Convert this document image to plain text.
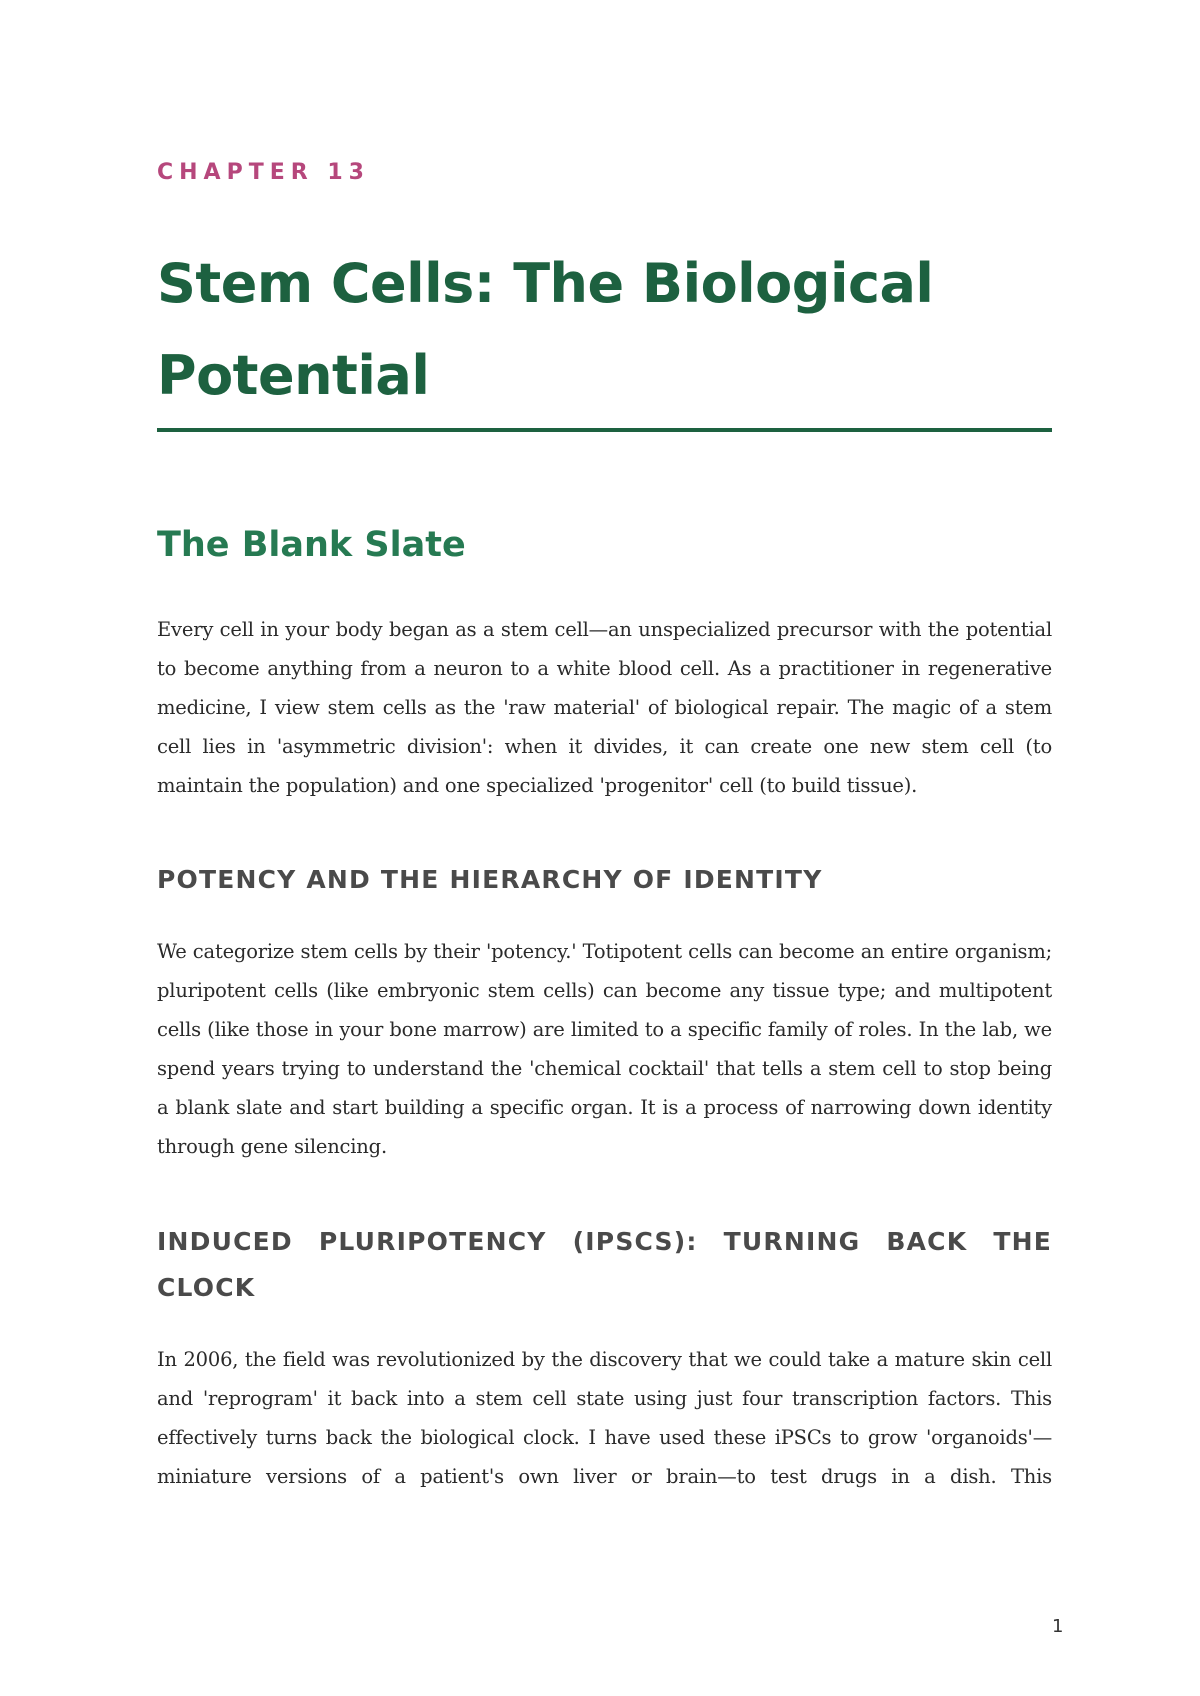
CHAPTER 13
Stem Cells: The Biological Potential
The Blank Slate

Every cell in your body began as a stem cell—an unspecialized precursor with the potential to become anything from a neuron to a white blood cell. As a practitioner in regenerative medicine, I view stem cells as the 'raw material' of biological repair. The magic of a stem cell lies in 'asymmetric division': when it divides, it can create one new stem cell (to maintain the population) and one specialized 'progenitor' cell (to build tissue).

POTENCY AND THE HIERARCHY OF IDENTITY

We categorize stem cells by their 'potency.' Totipotent cells can become an entire organism; pluripotent cells (like embryonic stem cells) can become any tissue type; and multipotent cells (like those in your bone marrow) are limited to a specific family of roles. In the lab, we spend years trying to understand the 'chemical cocktail' that tells a stem cell to stop being a blank slate and start building a specific organ. It is a process of narrowing down identity through gene silencing.

INDUCED PLURIPOTENCY (IPSCS): TURNING BACK THE CLOCK

In 2006, the field was revolutionized by the discovery that we could take a mature skin cell and 'reprogram' it back into a stem cell state using just four transcription factors. This effectively turns back the biological clock. I have used these iPSCs to grow 'organoids'—miniature versions of a patient's own liver or brain—to test drugs in a dish. This

1
